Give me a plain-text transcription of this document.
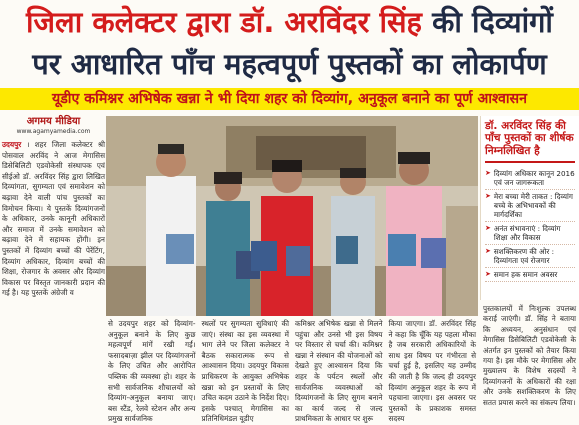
जिला कलेक्टर द्वारा डॉ. अरविंदर सिंह की दिव्यांगों
पर आधारित पाँच महत्वपूर्ण पुस्तकों का लोकार्पण
यूडीए कमिश्नर अभिषेक खन्ना ने भी दिया शहर को दिव्यांग, अनुकूल बनाने का पूर्ण आश्वासन
अगमय मीडिया
www.agamyamedia.com
उदयपुर । शहर जिला कलेक्टर श्री पोसवाल अरविंद ने आज मेगासिस डिसेबिलिटी एडवोकेसी संस्थापक एवं सीईओ डॉ. अरविंदर सिंह द्वारा लिखित दिव्यांगता, सुगम्यता एवं समावेशन को बढ़ावा देने वाली पांच पुस्तकों का विमोचन किया। ये पुस्तकें दिव्यांगजनों के अधिकार, उनके कानूनी अधिकारों और समाज में उनके समावेशन को बढ़ावा देने में सहायक होंगी। इन पुस्तकों में दिव्यांग बच्चों की पेरेंटिंग, दिव्यांग अधिकार, दिव्यांग बच्चों की शिक्षा, रोजगार के अवसर और दिव्यांग विकास पर विस्तृत जानकारी प्रदान की गई है। यह पुस्तकें अंग्रेजी व
से उदयपुर शहर को दिव्यांग-अनुकूल बनाने के लिए कुछ महत्वपूर्ण मांगें रखी गईं। फसादबाज़ा झील पर दिव्यांगजनों के लिए उचित और आरोपित पब्लिक की व्यवस्था हो। शहर के सभी सार्वजनिक शौचालयों को दिव्यांग-अनुकूल बनाया जाए। बस स्टैंड, रेलवे स्टेशन और अन्य प्रमुख सार्वजनिक
स्थलों पर सुगम्यता सुविधाएं की जाएं। संस्था का इस व्यवस्था में भाग लेने पर जिला कलेक्टर ने बैठक सकारात्मक रूप से आश्वासन दिया। उदयपुर विकास प्राधिकरण के आयुक्त अभिषेक खन्ना को इन प्रस्तावों के लिए उचित कदम उठाने के निर्देश दिए। इसके पश्चात् मेगासिस का प्रतिनिधिमंडल यूडीए
कमिश्नर अभिषेक खन्ना से मिलने पहुंचा और उनसे भी इस विषय पर विस्तार से चर्चा की। कमिश्नर खन्ना ने संस्थान की योजनाओं को देखते हुए आश्वासन दिया कि शहर के पर्यटन स्थलों और सार्वजनिक व्यवस्थाओं को दिव्यांगजनों के लिए सुगम बनाने का कार्य जल्द से जल्द प्राथमिकता के आधार पर शुरू
किया जाएगा। डॉ. अरविंदर सिंह ने कहा कि चूँकि यह पहला मौका है जब सरकारी अधिकारियों के साथ इस विषय पर गंभीरता से चर्चा हुई है, इसलिए यह उम्मीद की जाती है कि जल्द ही उदयपुर दिव्यांग अनुकूल शहर के रूप में पहचाना जाएगा। इस अवसर पर पुस्तकों के प्रकाशक समस्त सदस्य
डॉ. अरविंदर सिंह की पाँच पुस्तकों का शीर्षक निम्नलिखित है
➤ दिव्यांग अधिकार कानून 2016 एवं जन जागरूकता
➤ मेरा बच्चा मेरी ताकत : दिव्यांग बच्चे के अभिभावकों की मार्गदर्शिका
➤ अनंत संभावनाएं : दिव्यांग शिक्षा और विकास
➤ सशक्तिकरण की ओर : दिव्यांगता एवं रोजगार
➤ समान हक समान अवसर
पुस्तकालयों में निःशुल्क उपलब्ध कराई जाएंगी। डॉ. सिंह ने बताया कि अध्ययन, अनुसंधान एवं मेगासिस डिसेबिलिटी एडवोकेसी के अंतर्गत इन पुस्तकों को तैयार किया गया है। इस मौके पर मेगासिस और मुख्यालय के विशेष सदस्यों ने दिव्यांगजनों के अधिकारों की रक्षा और उनके सशक्तिकरण के लिए सतत प्रयास करने का संकल्प लिया।
